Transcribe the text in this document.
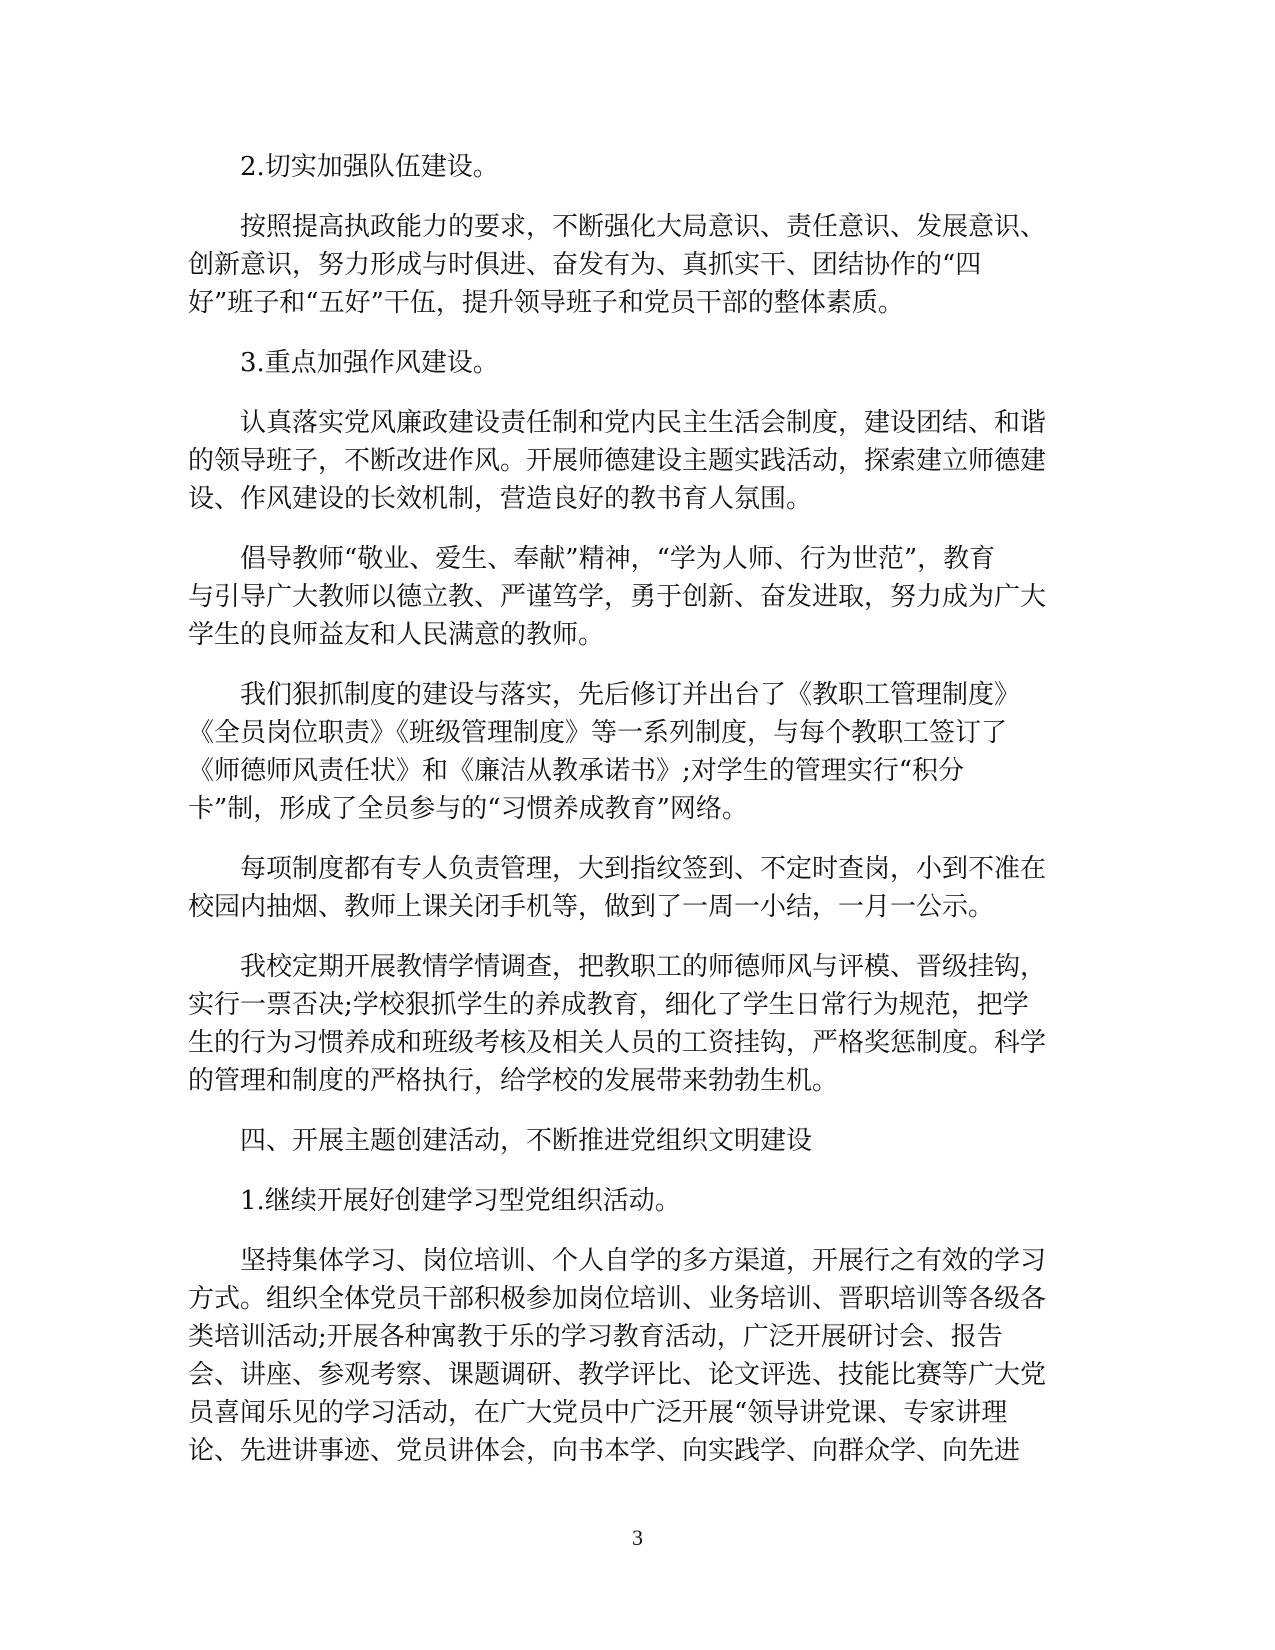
2.切实加强队伍建设。

按照提高执政能力的要求，不断强化大局意识、责任意识、发展意识、
创新意识，努力形成与时俱进、奋发有为、真抓实干、团结协作的“四
好”班子和“五好”干伍，提升领导班子和党员干部的整体素质。

3.重点加强作风建设。

认真落实党风廉政建设责任制和党内民主生活会制度，建设团结、和谐
的领导班子，不断改进作风。开展师德建设主题实践活动，探索建立师德建
设、作风建设的长效机制，营造良好的教书育人氛围。

倡导教师“敬业、爱生、奉献”精神，“学为人师、行为世范”，教育
与引导广大教师以德立教、严谨笃学，勇于创新、奋发进取，努力成为广大
学生的良师益友和人民满意的教师。

我们狠抓制度的建设与落实，先后修订并出台了《教职工管理制度》
《全员岗位职责》《班级管理制度》等一系列制度，与每个教职工签订了
《师德师风责任状》和《廉洁从教承诺书》;对学生的管理实行“积分
卡”制，形成了全员参与的“习惯养成教育”网络。

每项制度都有专人负责管理，大到指纹签到、不定时查岗，小到不准在
校园内抽烟、教师上课关闭手机等，做到了一周一小结，一月一公示。

我校定期开展教情学情调查，把教职工的师德师风与评模、晋级挂钩，
实行一票否决;学校狠抓学生的养成教育，细化了学生日常行为规范，把学
生的行为习惯养成和班级考核及相关人员的工资挂钩，严格奖惩制度。科学
的管理和制度的严格执行，给学校的发展带来勃勃生机。

四、开展主题创建活动，不断推进党组织文明建设

1.继续开展好创建学习型党组织活动。

坚持集体学习、岗位培训、个人自学的多方渠道，开展行之有效的学习
方式。组织全体党员干部积极参加岗位培训、业务培训、晋职培训等各级各
类培训活动;开展各种寓教于乐的学习教育活动，广泛开展研讨会、报告
会、讲座、参观考察、课题调研、教学评比、论文评选、技能比赛等广大党
员喜闻乐见的学习活动，在广大党员中广泛开展“领导讲党课、专家讲理
论、先进讲事迹、党员讲体会，向书本学、向实践学、向群众学、向先进

3
